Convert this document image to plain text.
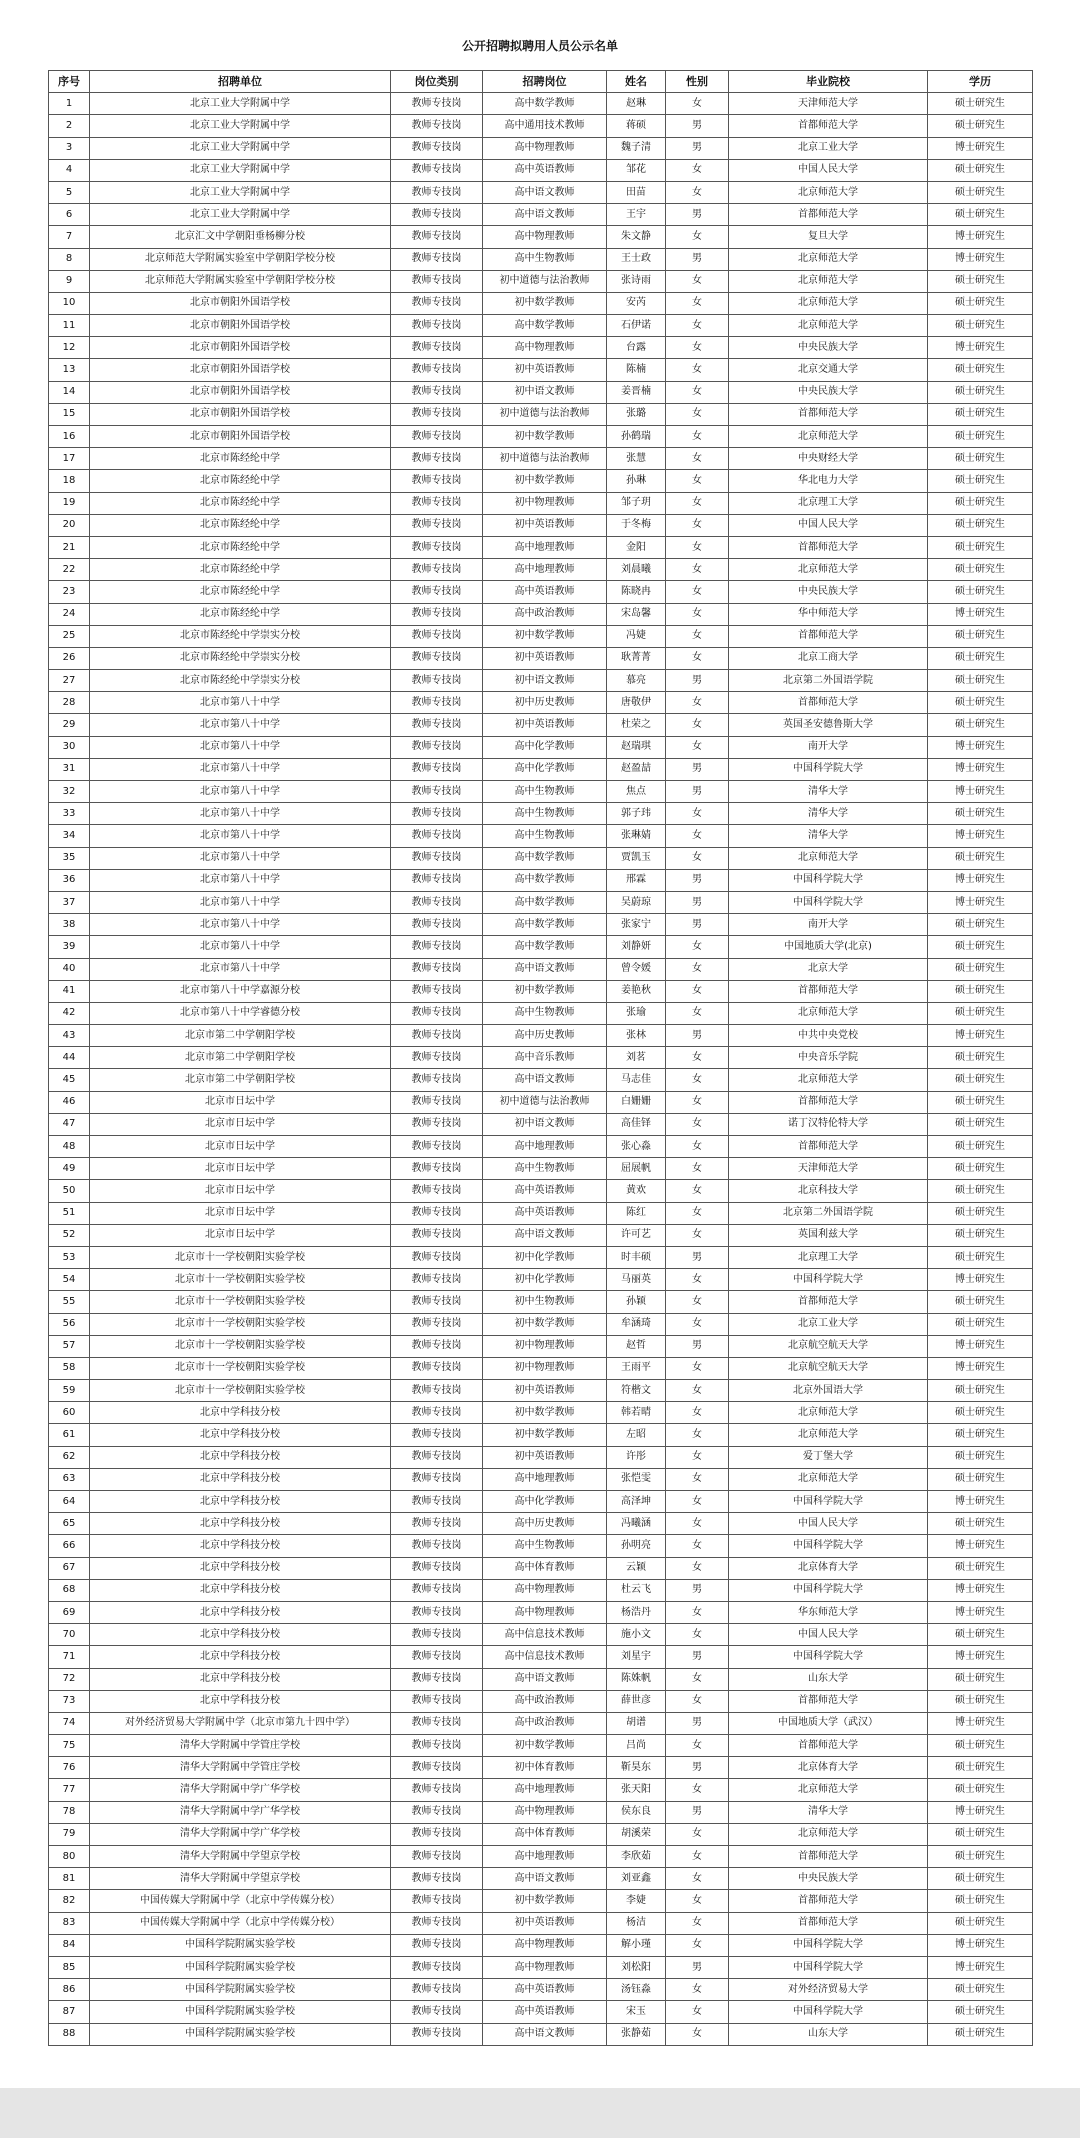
公开招聘拟聘用人员公示名单
序号	招聘单位	岗位类别	招聘岗位	姓名	性别	毕业院校	学历
1	北京工业大学附属中学	教师专技岗	高中数学教师	赵琳	女	天津师范大学	硕士研究生
2	北京工业大学附属中学	教师专技岗	高中通用技术教师	蒋硕	男	首都师范大学	硕士研究生
3	北京工业大学附属中学	教师专技岗	高中物理教师	魏子清	男	北京工业大学	博士研究生
4	北京工业大学附属中学	教师专技岗	高中英语教师	邹花	女	中国人民大学	硕士研究生
5	北京工业大学附属中学	教师专技岗	高中语文教师	田苗	女	北京师范大学	硕士研究生
6	北京工业大学附属中学	教师专技岗	高中语文教师	王宇	男	首都师范大学	硕士研究生
7	北京汇文中学朝阳垂杨柳分校	教师专技岗	高中物理教师	朱文静	女	复旦大学	博士研究生
8	北京师范大学附属实验室中学朝阳学校分校	教师专技岗	高中生物教师	王士政	男	北京师范大学	博士研究生
9	北京师范大学附属实验室中学朝阳学校分校	教师专技岗	初中道德与法治教师	张诗雨	女	北京师范大学	硕士研究生
10	北京市朝阳外国语学校	教师专技岗	初中数学教师	安芮	女	北京师范大学	硕士研究生
11	北京市朝阳外国语学校	教师专技岗	高中数学教师	石伊诺	女	北京师范大学	硕士研究生
12	北京市朝阳外国语学校	教师专技岗	高中物理教师	台露	女	中央民族大学	博士研究生
13	北京市朝阳外国语学校	教师专技岗	初中英语教师	陈楠	女	北京交通大学	硕士研究生
14	北京市朝阳外国语学校	教师专技岗	初中语文教师	姜晋楠	女	中央民族大学	硕士研究生
15	北京市朝阳外国语学校	教师专技岗	初中道德与法治教师	张璐	女	首都师范大学	硕士研究生
16	北京市朝阳外国语学校	教师专技岗	初中数学教师	孙鹤瑞	女	北京师范大学	硕士研究生
17	北京市陈经纶中学	教师专技岗	初中道德与法治教师	张慧	女	中央财经大学	硕士研究生
18	北京市陈经纶中学	教师专技岗	初中数学教师	孙琳	女	华北电力大学	硕士研究生
19	北京市陈经纶中学	教师专技岗	初中物理教师	邹子玥	女	北京理工大学	硕士研究生
20	北京市陈经纶中学	教师专技岗	初中英语教师	于冬梅	女	中国人民大学	硕士研究生
21	北京市陈经纶中学	教师专技岗	高中地理教师	金阳	女	首都师范大学	硕士研究生
22	北京市陈经纶中学	教师专技岗	高中地理教师	刘晨曦	女	北京师范大学	硕士研究生
23	北京市陈经纶中学	教师专技岗	高中英语教师	陈晓冉	女	中央民族大学	硕士研究生
24	北京市陈经纶中学	教师专技岗	高中政治教师	宋岛馨	女	华中师范大学	博士研究生
25	北京市陈经纶中学崇实分校	教师专技岗	初中数学教师	冯婕	女	首都师范大学	硕士研究生
26	北京市陈经纶中学崇实分校	教师专技岗	初中英语教师	耿菁菁	女	北京工商大学	硕士研究生
27	北京市陈经纶中学崇实分校	教师专技岗	初中语文教师	慕亮	男	北京第二外国语学院	硕士研究生
28	北京市第八十中学	教师专技岗	初中历史教师	唐敬伊	女	首都师范大学	硕士研究生
29	北京市第八十中学	教师专技岗	初中英语教师	杜荣之	女	英国圣安德鲁斯大学	硕士研究生
30	北京市第八十中学	教师专技岗	高中化学教师	赵瑞琪	女	南开大学	博士研究生
31	北京市第八十中学	教师专技岗	高中化学教师	赵盈喆	男	中国科学院大学	博士研究生
32	北京市第八十中学	教师专技岗	高中生物教师	焦点	男	清华大学	博士研究生
33	北京市第八十中学	教师专技岗	高中生物教师	郭子玮	女	清华大学	硕士研究生
34	北京市第八十中学	教师专技岗	高中生物教师	张琳婧	女	清华大学	博士研究生
35	北京市第八十中学	教师专技岗	高中数学教师	贾凯玉	女	北京师范大学	硕士研究生
36	北京市第八十中学	教师专技岗	高中数学教师	邢霖	男	中国科学院大学	博士研究生
37	北京市第八十中学	教师专技岗	高中数学教师	吴蔚琼	男	中国科学院大学	博士研究生
38	北京市第八十中学	教师专技岗	高中数学教师	张家宁	男	南开大学	硕士研究生
39	北京市第八十中学	教师专技岗	高中数学教师	刘静妍	女	中国地质大学(北京)	硕士研究生
40	北京市第八十中学	教师专技岗	高中语文教师	曾令媛	女	北京大学	硕士研究生
41	北京市第八十中学嘉源分校	教师专技岗	初中数学教师	姜艳秋	女	首都师范大学	硕士研究生
42	北京市第八十中学睿德分校	教师专技岗	高中生物教师	张瑜	女	北京师范大学	硕士研究生
43	北京市第二中学朝阳学校	教师专技岗	高中历史教师	张林	男	中共中央党校	博士研究生
44	北京市第二中学朝阳学校	教师专技岗	高中音乐教师	刘茗	女	中央音乐学院	硕士研究生
45	北京市第二中学朝阳学校	教师专技岗	高中语文教师	马志佳	女	北京师范大学	硕士研究生
46	北京市日坛中学	教师专技岗	初中道德与法治教师	白姗姗	女	首都师范大学	硕士研究生
47	北京市日坛中学	教师专技岗	初中语文教师	高佳铎	女	诺丁汉特伦特大学	硕士研究生
48	北京市日坛中学	教师专技岗	高中地理教师	张心淼	女	首都师范大学	硕士研究生
49	北京市日坛中学	教师专技岗	高中生物教师	屈展帆	女	天津师范大学	硕士研究生
50	北京市日坛中学	教师专技岗	高中英语教师	黄欢	女	北京科技大学	硕士研究生
51	北京市日坛中学	教师专技岗	高中英语教师	陈红	女	北京第二外国语学院	硕士研究生
52	北京市日坛中学	教师专技岗	高中语文教师	许可艺	女	英国利兹大学	硕士研究生
53	北京市十一学校朝阳实验学校	教师专技岗	初中化学教师	时丰硕	男	北京理工大学	硕士研究生
54	北京市十一学校朝阳实验学校	教师专技岗	初中化学教师	马丽英	女	中国科学院大学	博士研究生
55	北京市十一学校朝阳实验学校	教师专技岗	初中生物教师	孙颖	女	首都师范大学	硕士研究生
56	北京市十一学校朝阳实验学校	教师专技岗	初中数学教师	牟涵琦	女	北京工业大学	硕士研究生
57	北京市十一学校朝阳实验学校	教师专技岗	初中物理教师	赵哲	男	北京航空航天大学	博士研究生
58	北京市十一学校朝阳实验学校	教师专技岗	初中物理教师	王雨平	女	北京航空航天大学	博士研究生
59	北京市十一学校朝阳实验学校	教师专技岗	初中英语教师	符楷文	女	北京外国语大学	硕士研究生
60	北京中学科技分校	教师专技岗	初中数学教师	韩若晴	女	北京师范大学	硕士研究生
61	北京中学科技分校	教师专技岗	初中数学教师	左昭	女	北京师范大学	硕士研究生
62	北京中学科技分校	教师专技岗	初中英语教师	许彤	女	爱丁堡大学	硕士研究生
63	北京中学科技分校	教师专技岗	高中地理教师	张恺雯	女	北京师范大学	硕士研究生
64	北京中学科技分校	教师专技岗	高中化学教师	高泽坤	女	中国科学院大学	博士研究生
65	北京中学科技分校	教师专技岗	高中历史教师	冯曦涵	女	中国人民大学	硕士研究生
66	北京中学科技分校	教师专技岗	高中生物教师	孙明亮	女	中国科学院大学	博士研究生
67	北京中学科技分校	教师专技岗	高中体育教师	云颖	女	北京体育大学	硕士研究生
68	北京中学科技分校	教师专技岗	高中物理教师	杜云飞	男	中国科学院大学	博士研究生
69	北京中学科技分校	教师专技岗	高中物理教师	杨浩丹	女	华东师范大学	博士研究生
70	北京中学科技分校	教师专技岗	高中信息技术教师	施小文	女	中国人民大学	硕士研究生
71	北京中学科技分校	教师专技岗	高中信息技术教师	刘星宇	男	中国科学院大学	博士研究生
72	北京中学科技分校	教师专技岗	高中语文教师	陈姝帆	女	山东大学	硕士研究生
73	北京中学科技分校	教师专技岗	高中政治教师	薛世彦	女	首都师范大学	硕士研究生
74	对外经济贸易大学附属中学（北京市第九十四中学）	教师专技岗	高中政治教师	胡谱	男	中国地质大学（武汉）	博士研究生
75	清华大学附属中学管庄学校	教师专技岗	初中数学教师	吕尚	女	首都师范大学	硕士研究生
76	清华大学附属中学管庄学校	教师专技岗	初中体育教师	靳昊东	男	北京体育大学	硕士研究生
77	清华大学附属中学广华学校	教师专技岗	高中地理教师	张天阳	女	北京师范大学	硕士研究生
78	清华大学附属中学广华学校	教师专技岗	高中物理教师	侯东良	男	清华大学	博士研究生
79	清华大学附属中学广华学校	教师专技岗	高中体育教师	胡溪荣	女	北京师范大学	硕士研究生
80	清华大学附属中学望京学校	教师专技岗	高中地理教师	李欣茹	女	首都师范大学	硕士研究生
81	清华大学附属中学望京学校	教师专技岗	高中语文教师	刘亚鑫	女	中央民族大学	硕士研究生
82	中国传媒大学附属中学（北京中学传媒分校）	教师专技岗	初中数学教师	李婕	女	首都师范大学	硕士研究生
83	中国传媒大学附属中学（北京中学传媒分校）	教师专技岗	初中英语教师	杨洁	女	首都师范大学	硕士研究生
84	中国科学院附属实验学校	教师专技岗	高中物理教师	解小瑾	女	中国科学院大学	博士研究生
85	中国科学院附属实验学校	教师专技岗	高中物理教师	刘松阳	男	中国科学院大学	博士研究生
86	中国科学院附属实验学校	教师专技岗	高中英语教师	汤钰淼	女	对外经济贸易大学	硕士研究生
87	中国科学院附属实验学校	教师专技岗	高中英语教师	宋玉	女	中国科学院大学	硕士研究生
88	中国科学院附属实验学校	教师专技岗	高中语文教师	张静茹	女	山东大学	硕士研究生
